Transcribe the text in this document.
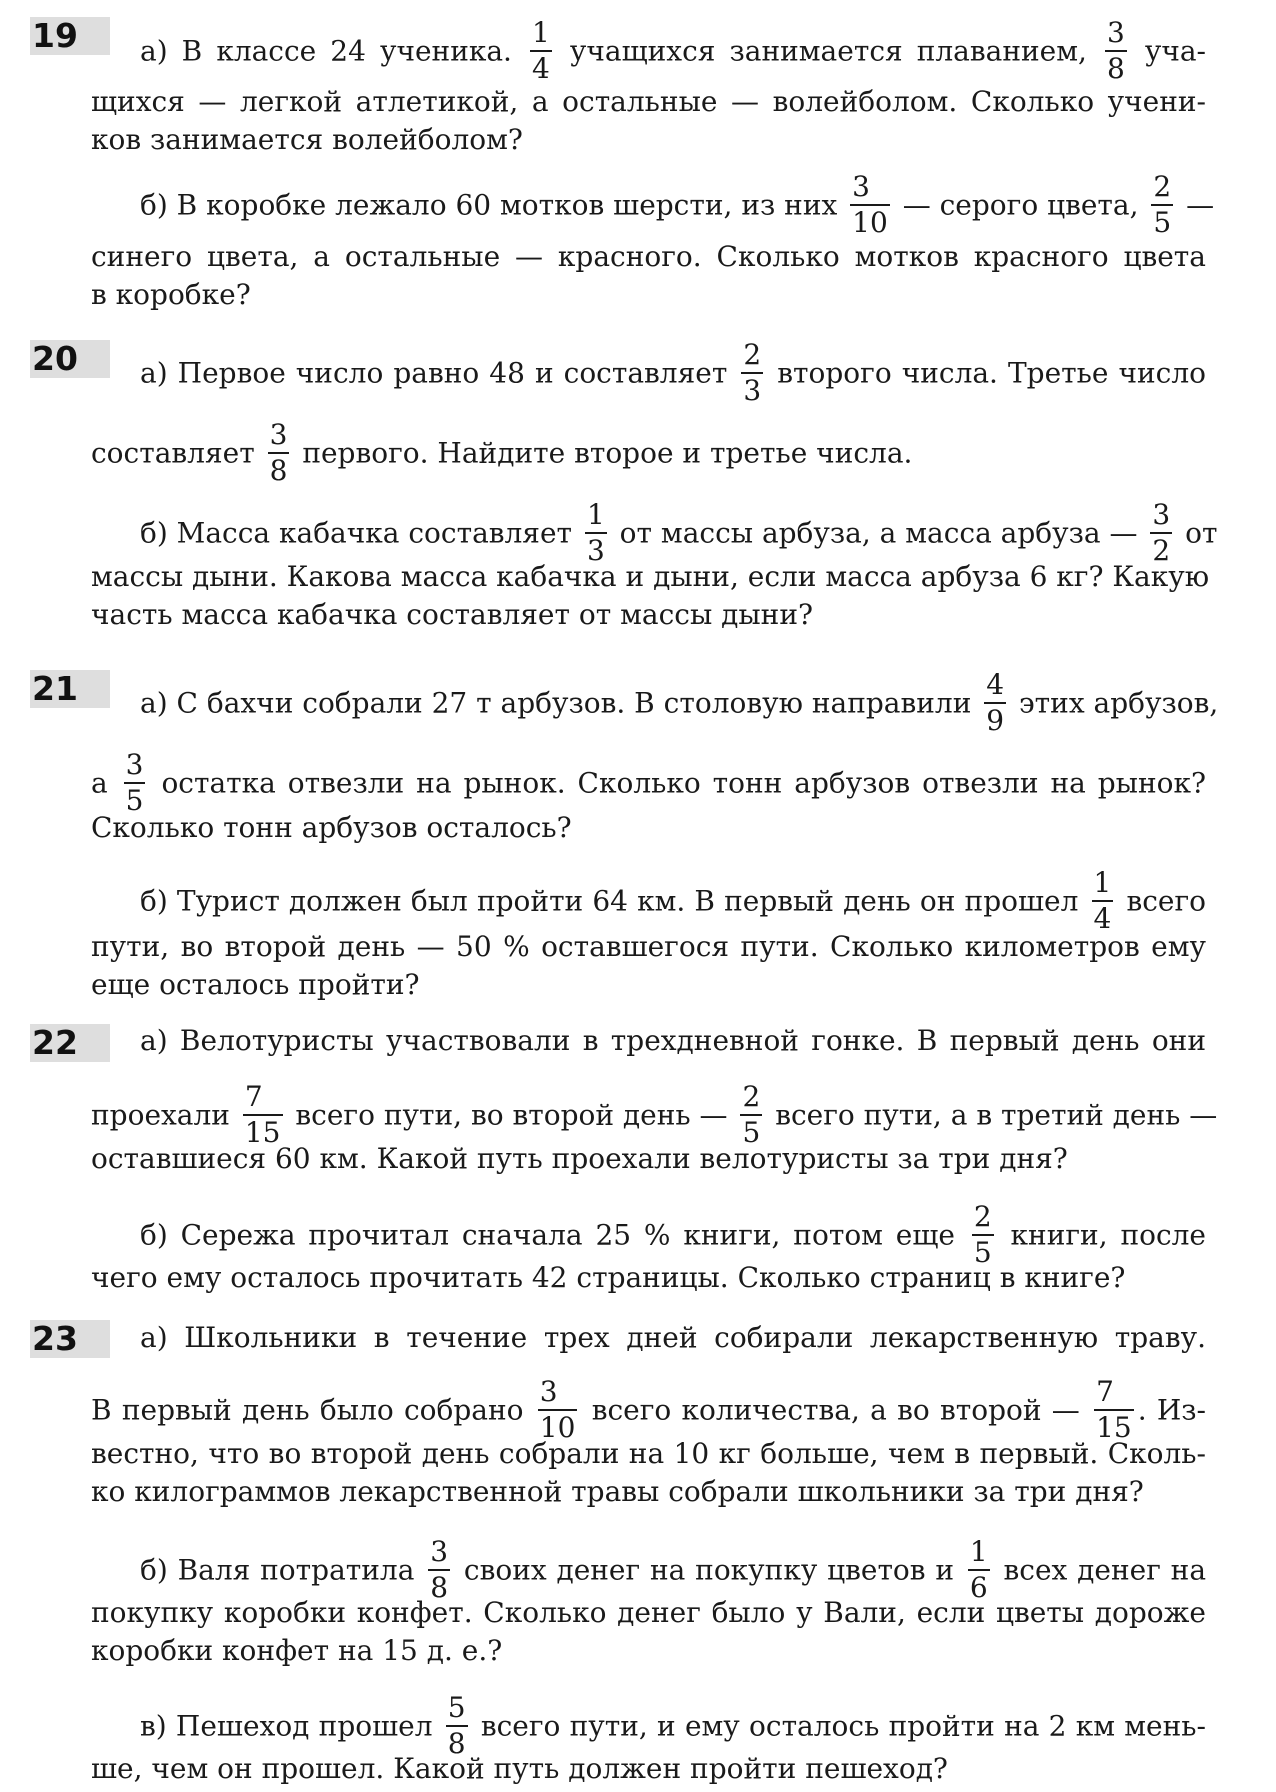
19 а) В классе 24 ученика. $\frac{1}{4}$ учащихся занимается плаванием, $\frac{3}{8} уча-$
щихся — легкой атлетикой, а остальные — волейболом. Сколько учени-
ков занимается волейболом?
б) В коробке лежало 60 мотков шерсти, из них $\frac{3}{10}$ — серого цвета, $\frac{2}{5}$ —
синего цвета, а остальные — красного. Сколько мотков красного цвета
в коробке?
20 а) Первое число равно 48 и составляет $\frac{2}{3}$ второго числа. Третье число
составляет $\frac{3}{8}$ первого. Найдите второе и третье числа.
б) Масса кабачка составляет $\frac{1}{3}$ от массы арбуза, а масса арбуза — $\frac{3}{2}$ от
массы дыни. Какова масса кабачка и дыни, если масса арбуза 6 кг? Какую
часть масса кабачка составляет от массы дыни?
21 а) С бахчи собрали 27 т арбузов. В столовую направили $\frac{4}{9}$ этих арбузов,
а $\frac{3}{5}$ остатка отвезли на рынок. Сколько тонн арбузов отвезли на рынок?
Сколько тонн арбузов осталось?
б) Турист должен был пройти 64 км. В первый день он прошел $\frac{1}{4}$ всего
пути, во второй день — 50 % оставшегося пути. Сколько километров ему
еще осталось пройти?
22 а) Велотуристы участвовали в трехдневной гонке. В первый день они
проехали $\frac{7}{15}$ всего пути, во второй день — $\frac{2}{5}$ всего пути, а в третий день —
оставшиеся 60 км. Какой путь проехали велотуристы за три дня?
б) Сережа прочитал сначала 25 % книги, потом еще $\frac{2}{5}$ книги, после
чего ему осталось прочитать 42 страницы. Сколько страниц в книге?
23 а) Школьники в течение трех дней собирали лекарственную траву.
В первый день было собрано $\frac{3}{10}$ всего количества, а во второй — $\frac{7}{15}$ . Из-
вестно, что во второй день собрали на 10 кг больше, чем в первый. Сколь-
ко килограммов лекарственной травы собрали школьники за три дня?
б) Валя потратила $\frac{3}{8}$ своих денег на покупку цветов и $\frac{1}{6}$ всех денег на
покупку коробки конфет. Сколько денег было у Вали, если цветы дороже
коробки конфет на 15 д. е.?
в) Пешеход прошел $\frac{5}{8}$ всего пути, и ему осталось пройти на 2 км мень-
ше, чем он прошел. Какой путь должен пройти пешеход?
